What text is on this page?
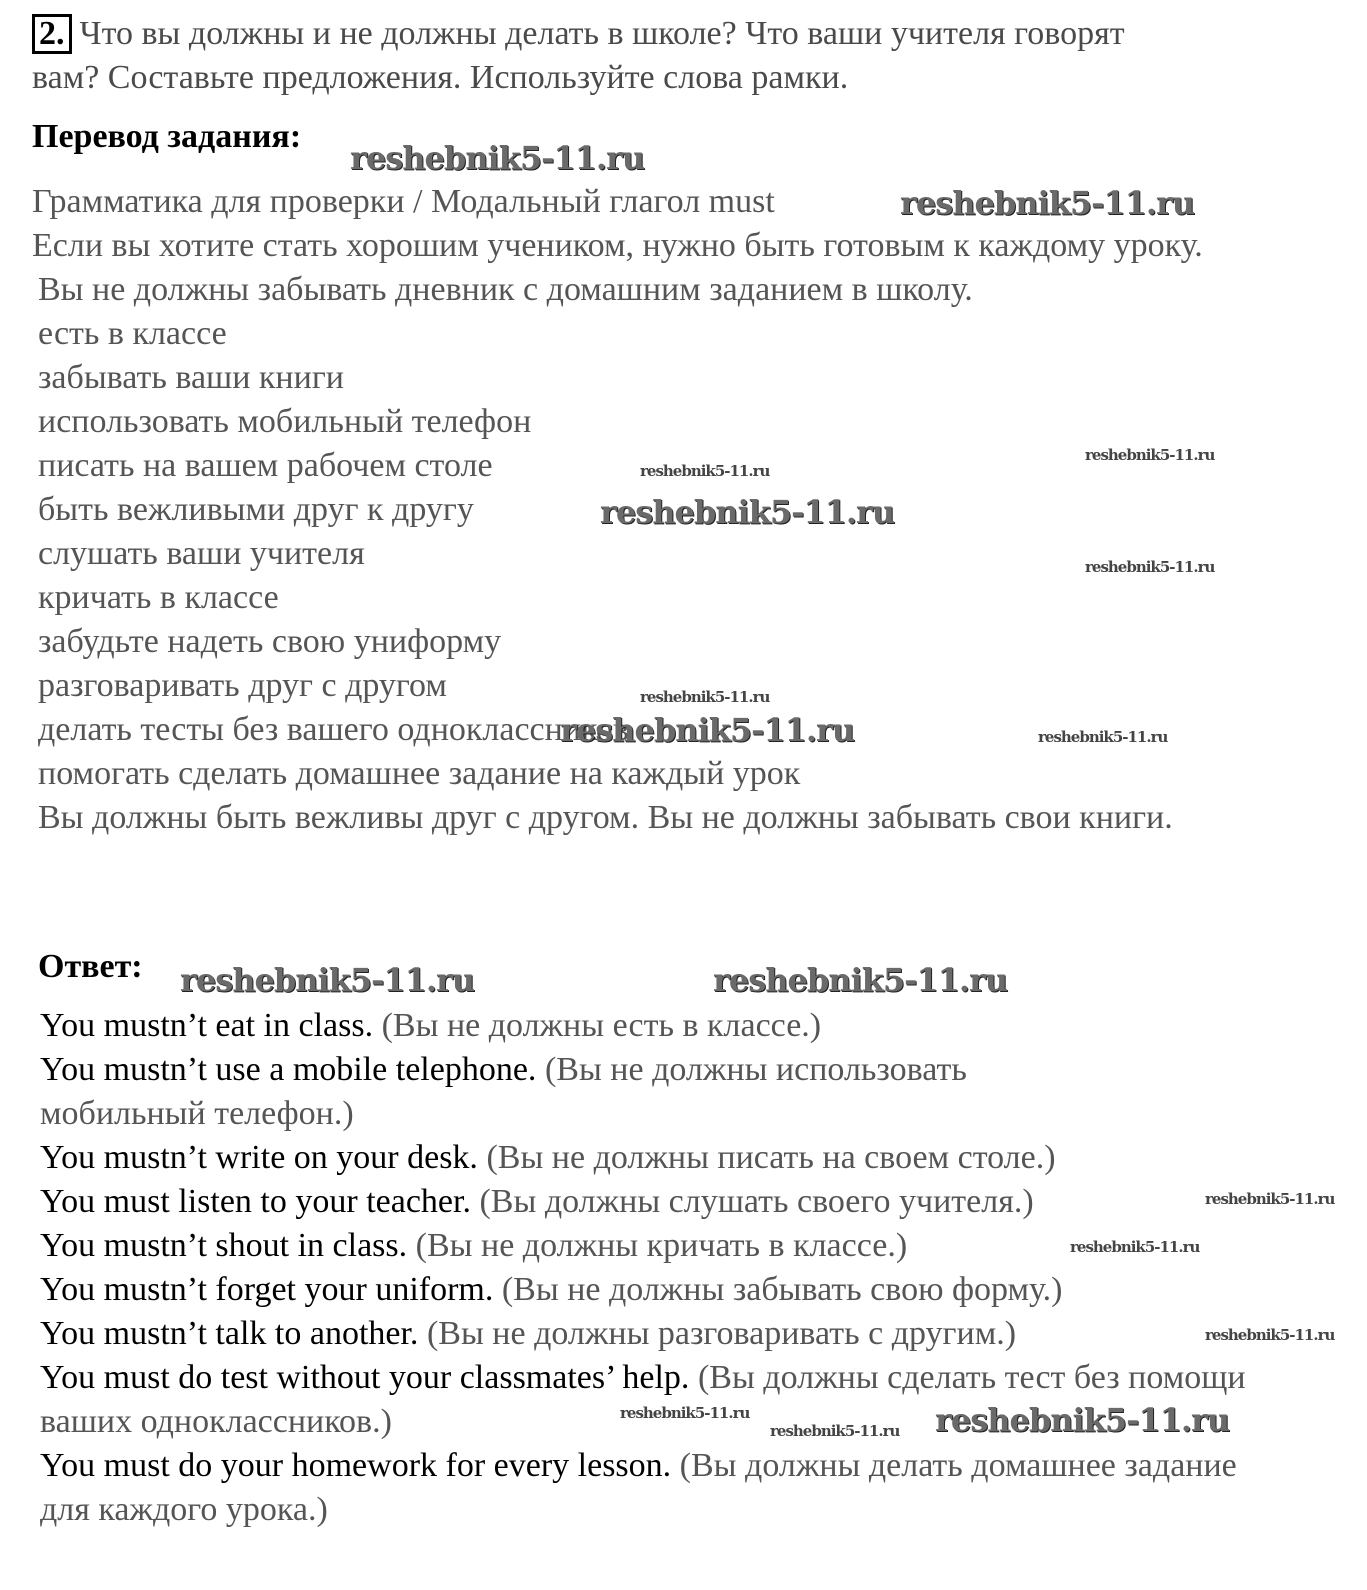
2. Что вы должны и не должны делать в школе? Что ваши учителя говорят вам? Составьте предложения. Используйте слова рамки.
Перевод задания:
Грамматика для проверки / Модальный глагол must
Если вы хотите стать хорошим учеником, нужно быть готовым к каждому уроку.
Вы не должны забывать дневник с домашним заданием в школу.
есть в классе
забывать ваши книги
использовать мобильный телефон
писать на вашем рабочем столе
быть вежливыми друг к другу
слушать ваши учителя
кричать в классе
забудьте надеть свою униформу
разговаривать друг с другом
делать тесты без вашего одноклассников
помогать сделать домашнее задание на каждый урок
Вы должны быть вежливы друг с другом. Вы не должны забывать свои книги.
Ответ:
You mustn’t eat in class. (Вы не должны есть в классе.)
You mustn’t use a mobile telephone. (Вы не должны использовать мобильный телефон.)
You mustn’t write on your desk. (Вы не должны писать на своем столе.)
You must listen to your teacher. (Вы должны слушать своего учителя.)
You mustn’t shout in class. (Вы не должны кричать в классе.)
You mustn’t forget your uniform. (Вы не должны забывать свою форму.)
You mustn’t talk to another. (Вы не должны разговаривать с другим.)
You must do test without your classmates’ help. (Вы должны сделать тест без помощи ваших одноклассников.)
You must do your homework for every lesson. (Вы должны делать домашнее задание для каждого урока.)
reshebnik5-11.ru
reshebnik5-11.ru
reshebnik5-11.ru
reshebnik5-11.ru
reshebnik5-11.ru
reshebnik5-11.ru
reshebnik5-11.ru
reshebnik5-11.ru	reshebnik5-11.ru
reshebnik5-11.ru	reshebnik5-11.ru
reshebnik5-11.ru
reshebnik5-11.ru
reshebnik5-11.ru
reshebnik5-11.ru
reshebnik5-11.ru reshebnik5-11.ru
